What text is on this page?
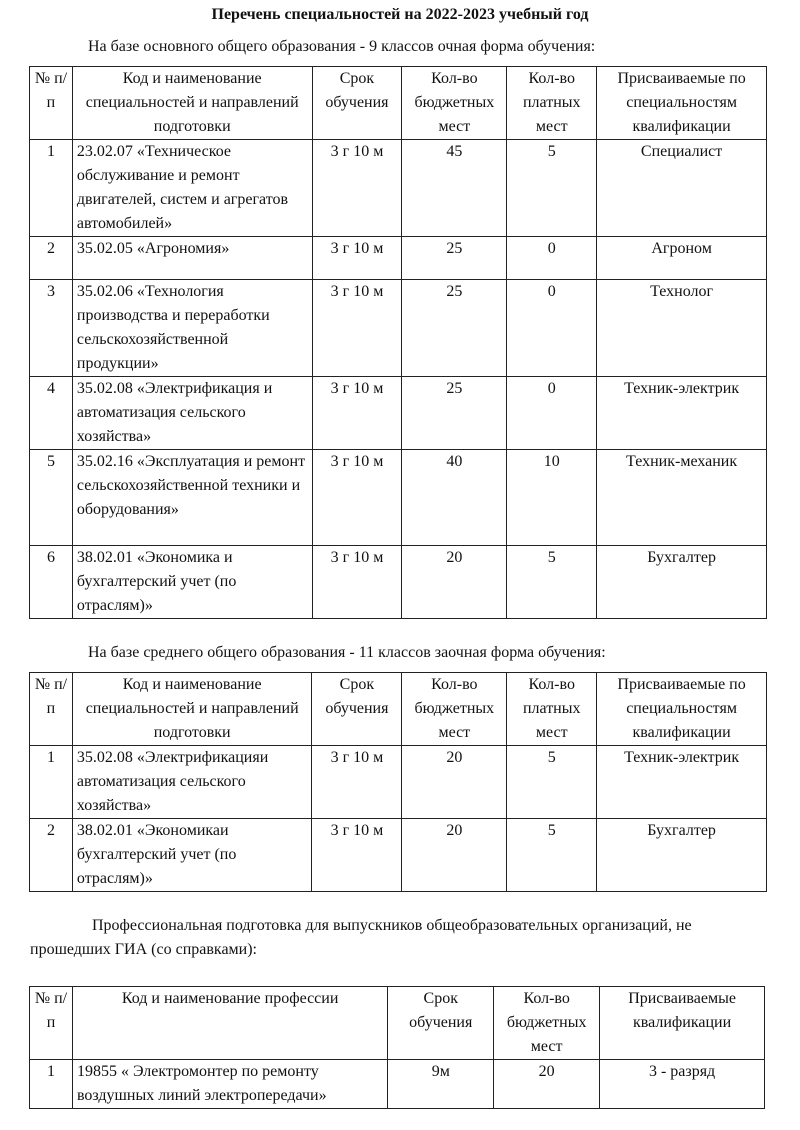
Перечень специальностей на 2022-2023 учебный год
На базе основного общего образования - 9 классов очная форма обучения:
№ п/п	Код и наименование специальностей и направлений подготовки	Срок обучения	Кол-во бюджетных мест	Кол-во платных мест	Присваиваемые по специальностям квалификации
1	23.02.07 «Техническое обслуживание и ремонт двигателей, систем и агрегатов автомобилей»	3 г 10 м	45	5	Специалист
2	35.02.05 «Агрономия»	3 г 10 м	25	0	Агроном
3	35.02.06 «Технология производства и переработки сельскохозяйственной продукции»	3 г 10 м	25	0	Технолог
4	35.02.08 «Электрификация и автоматизация сельского хозяйства»	3 г 10 м	25	0	Техник-электрик
5	35.02.16 «Эксплуатация и ремонт сельскохозяйственной техники и оборудования»	3 г 10 м	40	10	Техник-механик
6	38.02.01 «Экономика и бухгалтерский учет (по отраслям)»	3 г 10 м	20	5	Бухгалтер
На базе среднего общего образования - 11 классов заочная форма обучения:
№ п/п	Код и наименование специальностей и направлений подготовки	Срок обучения	Кол-во бюджетных мест	Кол-во платных мест	Присваиваемые по специальностям квалификации
1	35.02.08 «Электрификацияи автоматизация сельского хозяйства»	3 г 10 м	20	5	Техник-электрик
2	38.02.01 «Экономикаи бухгалтерский учет (по отраслям)»	3 г 10 м	20	5	Бухгалтер
Профессиональная подготовка для выпускников общеобразовательных организаций, не прошедших ГИА (со справками):
№ п/п	Код и наименование профессии	Срок обучения	Кол-во бюджетных мест	Присваиваемые квалификации
1	19855 « Электромонтер по ремонту воздушных линий электропередачи»	9м	20	3 - разряд
